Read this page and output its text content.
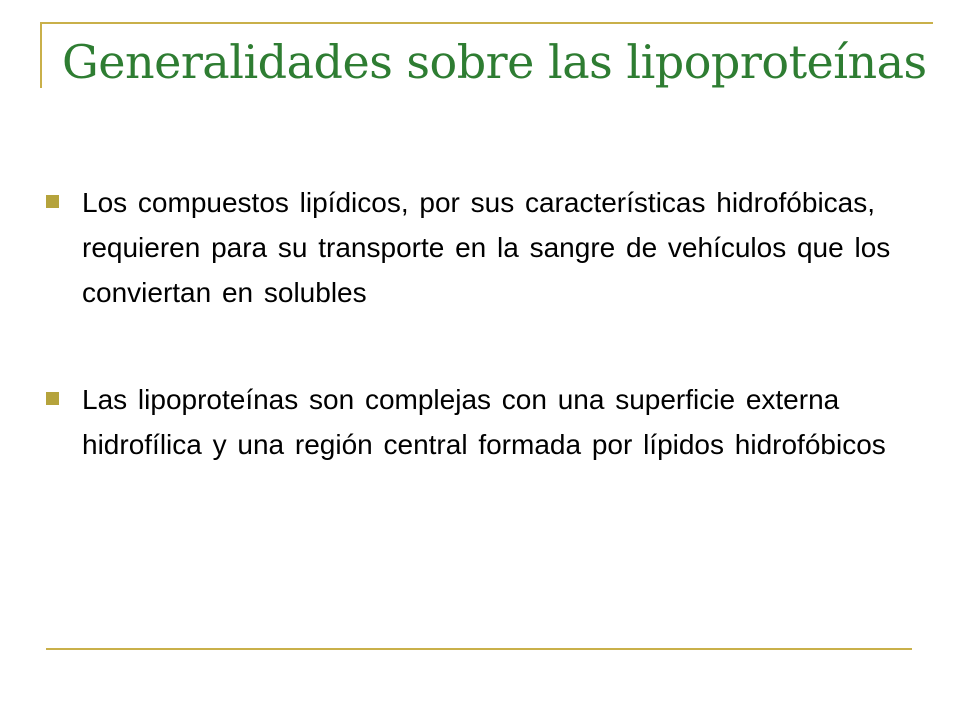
Generalidades sobre las lipoproteínas
Los compuestos lipídicos, por sus características hidrofóbicas, requieren para su transporte en la sangre de vehículos que los conviertan en solubles
Las lipoproteínas son complejas con una superficie externa hidrofílica y una región central formada por lípidos hidrofóbicos
